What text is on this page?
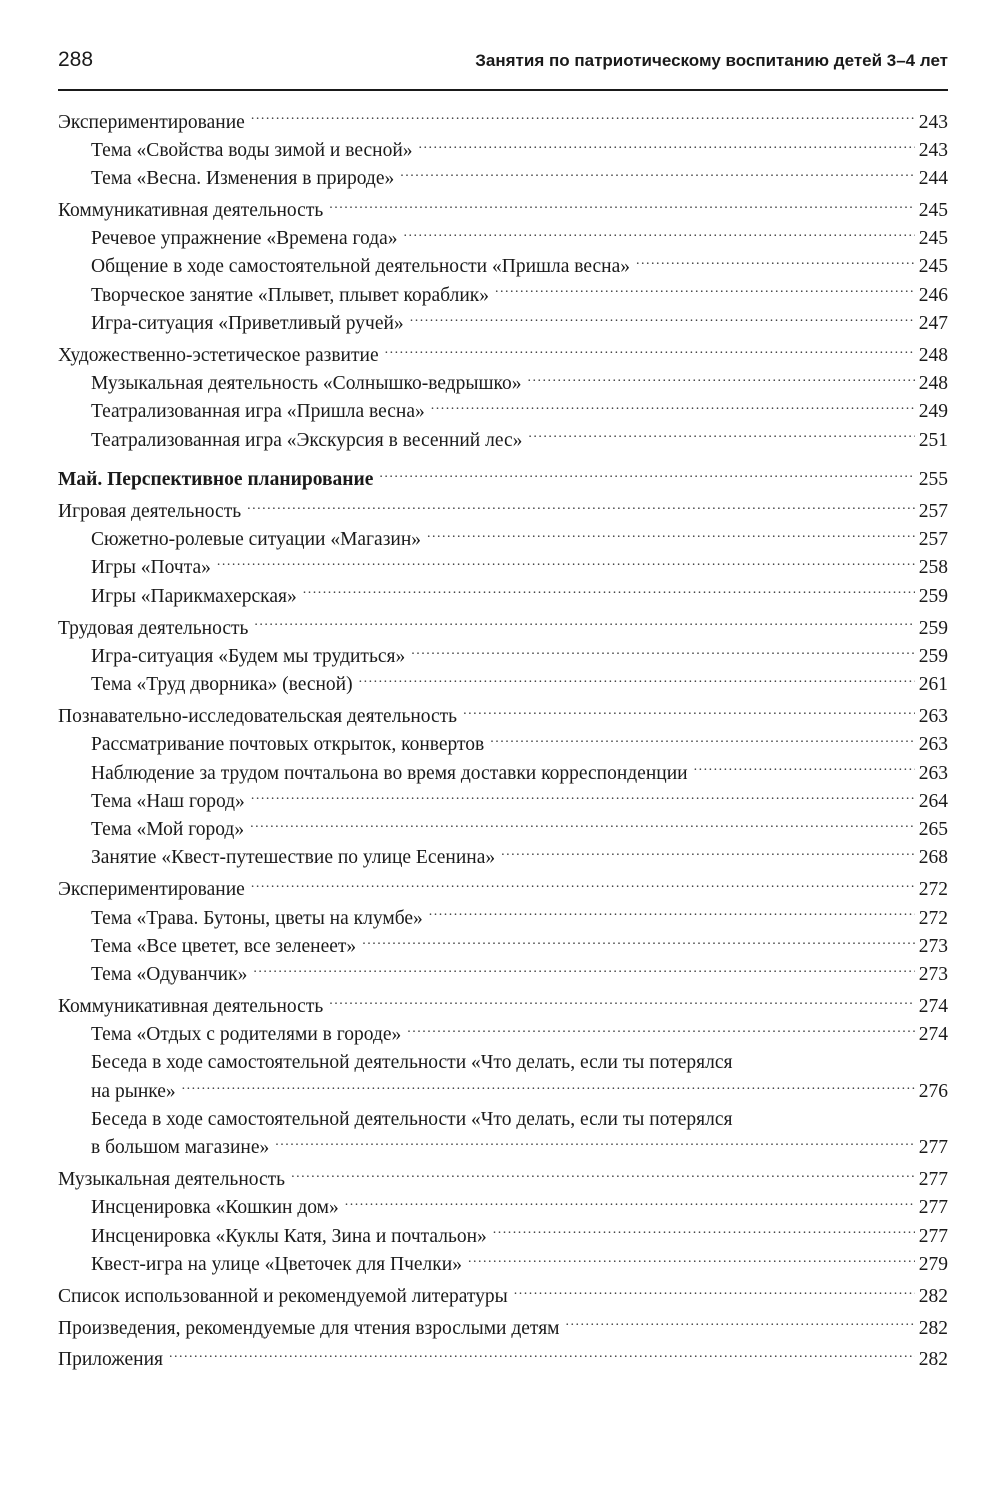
288	Занятия по патриотическому воспитанию детей 3–4 лет
Экспериментирование .....	243
Тема «Свойства воды зимой и весной» .....	243
Тема «Весна. Изменения в природе» .....	244
Коммуникативная деятельность .....	245
Речевое упражнение «Времена года» .....	245
Общение в ходе самостоятельной деятельности «Пришла весна» .....	245
Творческое занятие «Плывет, плывет кораблик» .....	246
Игра-ситуация «Приветливый ручей» .....	247
Художественно-эстетическое развитие .....	248
Музыкальная деятельность «Солнышко-ведрышко» .....	248
Театрализованная игра «Пришла весна» .....	249
Театрализованная игра «Экскурсия в весенний лес» .....	251
Май. Перспективное планирование .....	255
Игровая деятельность .....	257
Сюжетно-ролевые ситуации «Магазин» .....	257
Игры «Почта» .....	258
Игры «Парикмахерская» .....	259
Трудовая деятельность .....	259
Игра-ситуация «Будем мы трудиться» .....	259
Тема «Труд дворника» (весной) .....	261
Познавательно-исследовательская деятельность .....	263
Рассматривание почтовых открыток, конвертов .....	263
Наблюдение за трудом почтальона во время доставки корреспонденции .....	263
Тема «Наш город» .....	264
Тема «Мой город» .....	265
Занятие «Квест-путешествие по улице Есенина» .....	268
Экспериментирование .....	272
Тема «Трава. Бутоны, цветы на клумбе» .....	272
Тема «Все цветет, все зеленеет» .....	273
Тема «Одуванчик» .....	273
Коммуникативная деятельность .....	274
Тема «Отдых с родителями в городе» .....	274
Беседа в ходе самостоятельной деятельности «Что делать, если ты потерялся
на рынке» .....	276
Беседа в ходе самостоятельной деятельности «Что делать, если ты потерялся
в большом магазине» .....	277
Музыкальная деятельность .....	277
Инсценировка «Кошкин дом» .....	277
Инсценировка «Куклы Катя, Зина и почтальон» .....	277
Квест-игра на улице «Цветочек для Пчелки» .....	279
Список использованной и рекомендуемой литературы .....	282
Произведения, рекомендуемые для чтения взрослыми детям .....	282
Приложения .....	282
